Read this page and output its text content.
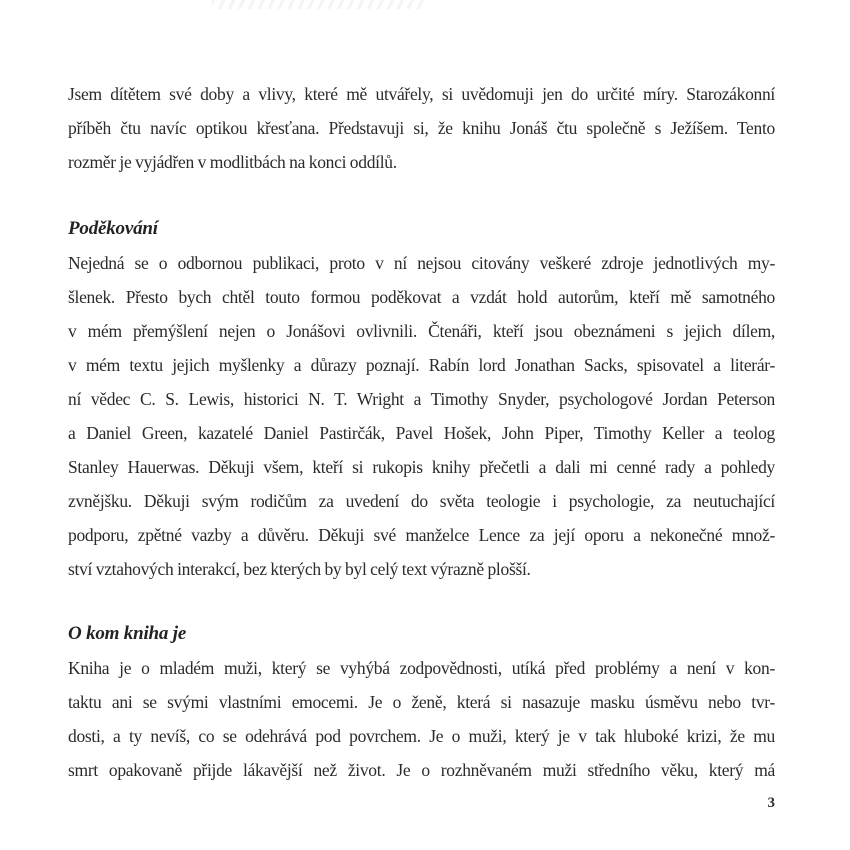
Jsem dítětem své doby a vlivy, které mě utvářely, si uvědomuji jen do určité míry. Starozákonní
příběh čtu navíc optikou křesťana. Představuji si, že knihu Jonáš čtu společně s Ježíšem. Tento
rozměr je vyjádřen v modlitbách na konci oddílů.
Poděkování
Nejedná se o odbornou publikaci, proto v ní nejsou citovány veškeré zdroje jednotlivých my-
šlenek. Přesto bych chtěl touto formou poděkovat a vzdát hold autorům, kteří mě samotného
v mém přemýšlení nejen o Jonášovi ovlivnili. Čtenáři, kteří jsou obeznámeni s jejich dílem,
v mém textu jejich myšlenky a důrazy poznají. Rabín lord Jonathan Sacks, spisovatel a literár-
ní vědec C. S. Lewis, historici N. T. Wright a Timothy Snyder, psychologové Jordan Peterson
a Daniel Green, kazatelé Daniel Pastirčák, Pavel Hošek, John Piper, Timothy Keller a teolog
Stanley Hauerwas. Děkuji všem, kteří si rukopis knihy přečetli a dali mi cenné rady a pohledy
zvnějšku. Děkuji svým rodičům za uvedení do světa teologie i psychologie, za neutuchající
podporu, zpětné vazby a důvěru. Děkuji své manželce Lence za její oporu a nekonečné množ-
ství vztahových interakcí, bez kterých by byl celý text výrazně plošší.
O kom kniha je
Kniha je o mladém muži, který se vyhýbá zodpovědnosti, utíká před problémy a není v kon-
taktu ani se svými vlastními emocemi. Je o ženě, která si nasazuje masku úsměvu nebo tvr-
dosti, a ty nevíš, co se odehrává pod povrchem. Je o muži, který je v tak hluboké krizi, že mu
smrt opakovaně přijde lákavější než život. Je o rozhněvaném muži středního věku, který má
3
